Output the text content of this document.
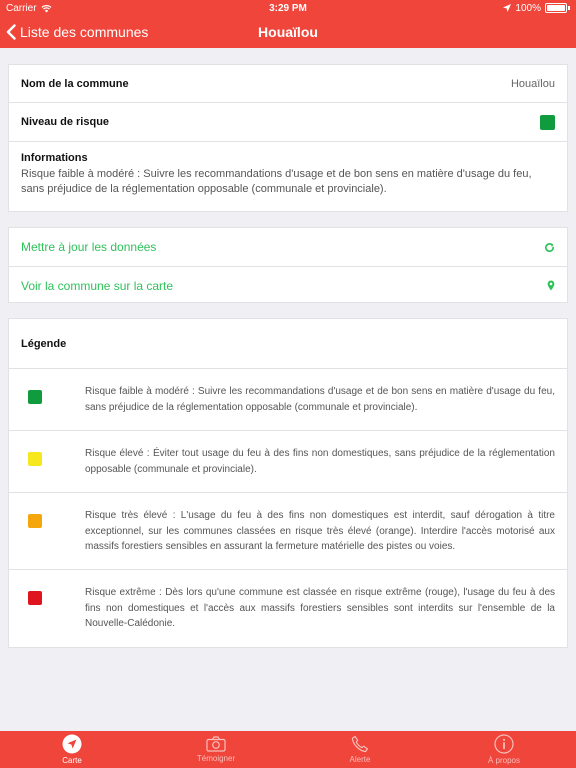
Carrier	3:29 PM	100%
Liste des communes	Houaïlou
Nom de la commune	Houaïlou
Niveau de risque
Informations
Risque faible à modéré : Suivre les recommandations d'usage et de bon sens en matière d'usage du feu, sans préjudice de la réglementation opposable (communale et provinciale).
Mettre à jour les données
Voir la commune sur la carte
Légende
Risque faible à modéré : Suivre les recommandations d'usage et de bon sens en matière d'usage du feu, sans préjudice de la réglementation opposable (communale et provinciale).
Risque élevé : Éviter tout usage du feu à des fins non domestiques, sans préjudice de la réglementation opposable (communale et provinciale).
Risque très élevé : L'usage du feu à des fins non domestiques est interdit, sauf dérogation à titre exceptionnel, sur les communes classées en risque très élevé (orange). Interdire l'accès motorisé aux massifs forestiers sensibles en assurant la fermeture matérielle des pistes ou voies.
Risque extrême : Dès lors qu'une commune est classée en risque extrême (rouge), l'usage du feu à des fins non domestiques et l'accès aux massifs forestiers sensibles sont interdits sur l'ensemble de la Nouvelle-Calédonie.
Carte	Témoigner	Alerte	À propos
